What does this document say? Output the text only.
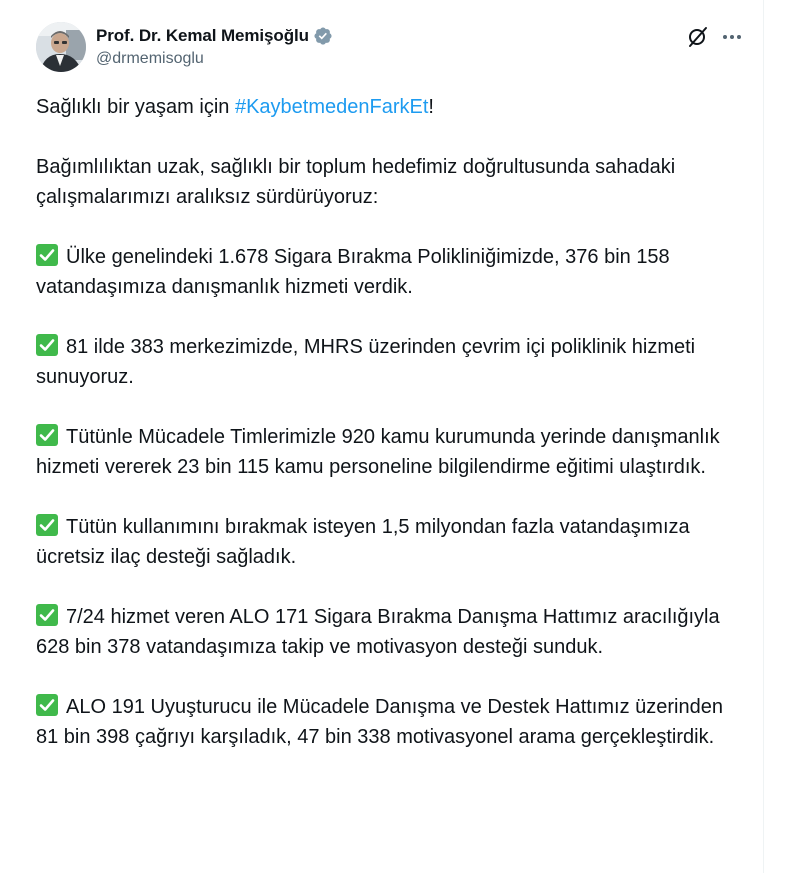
Prof. Dr. Kemal Memişoğlu
@drmemisoglu

Sağlıklı bir yaşam için #KaybetmedenFarkEt!

Bağımlılıktan uzak, sağlıklı bir toplum hedefimiz doğrultusunda sahadaki çalışmalarımızı aralıksız sürdürüyoruz:

Ülke genelindeki 1.678 Sigara Bırakma Polikliniğimizde, 376 bin 158 vatandaşımıza danışmanlık hizmeti verdik.

81 ilde 383 merkezimizde, MHRS üzerinden çevrim içi poliklinik hizmeti sunuyoruz.

Tütünle Mücadele Timlerimizle 920 kamu kurumunda yerinde danışmanlık hizmeti vererek 23 bin 115 kamu personeline bilgilendirme eğitimi ulaştırdık.

Tütün kullanımını bırakmak isteyen 1,5 milyondan fazla vatandaşımıza ücretsiz ilaç desteği sağladık.

7/24 hizmet veren ALO 171 Sigara Bırakma Danışma Hattımız aracılığıyla 628 bin 378 vatandaşımıza takip ve motivasyon desteği sunduk.

ALO 191 Uyuşturucu ile Mücadele Danışma ve Destek Hattımız üzerinden 81 bin 398 çağrıyı karşıladık, 47 bin 338 motivasyonel arama gerçekleştirdik.
